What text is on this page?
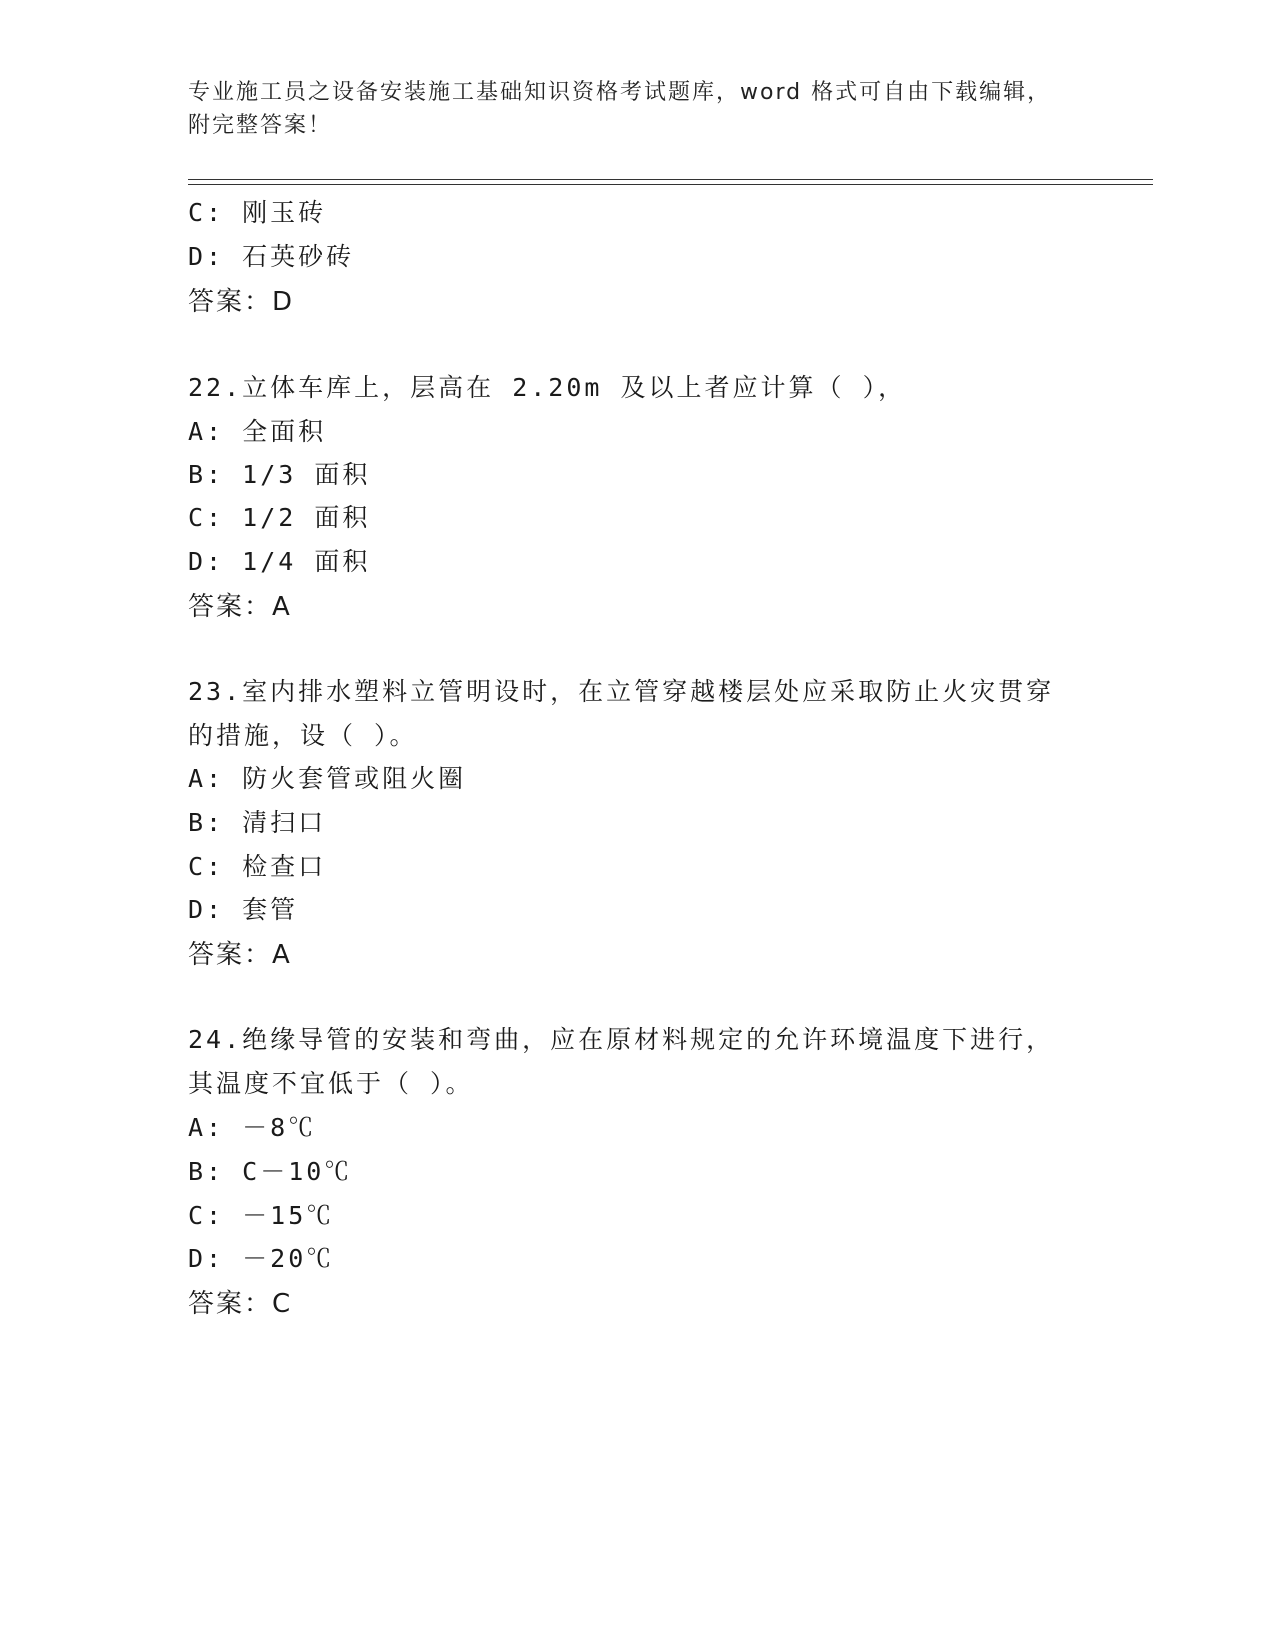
专业施工员之设备安装施工基础知识资格考试题库，word 格式可自由下载编辑，
附完整答案！
C: 刚玉砖
D: 石英砂砖
答案：D
22.立体车库上，层高在 2.20m 及以上者应计算（ ），
A: 全面积
B: 1/3 面积
C: 1/2 面积
D: 1/4 面积
答案：A
23.室内排水塑料立管明设时，在立管穿越楼层处应采取防止火灾贯穿
的措施，设（ ）。
A: 防火套管或阻火圈
B: 清扫口
C: 检查口
D: 套管
答案：A
24.绝缘导管的安装和弯曲，应在原材料规定的允许环境温度下进行，
其温度不宜低于（ ）。
A: －8℃
B: C－10℃
C: －15℃
D: －20℃
答案：C
